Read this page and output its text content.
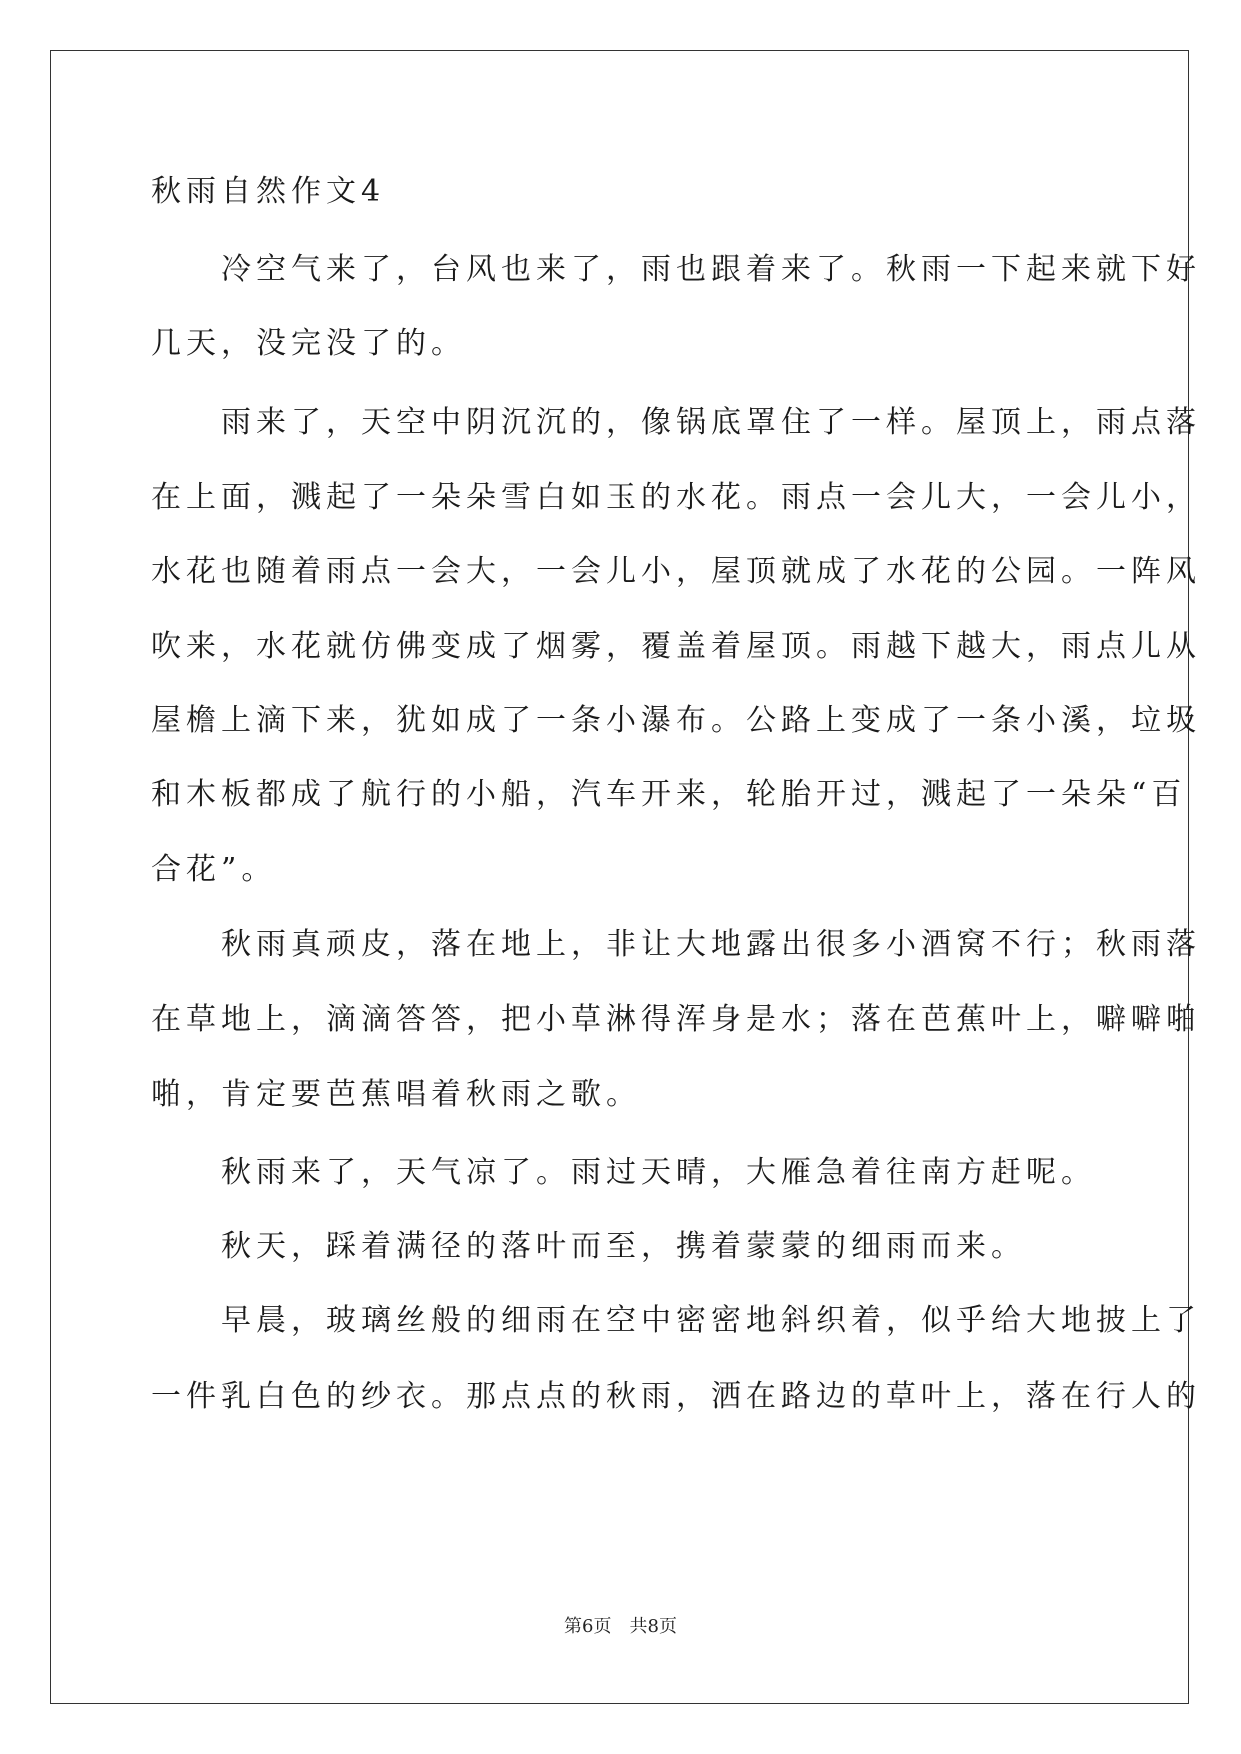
秋雨自然作文4
　　冷空气来了，台风也来了，雨也跟着来了。秋雨一下起来就下好
几天，没完没了的。
　　雨来了，天空中阴沉沉的，像锅底罩住了一样。屋顶上，雨点落
在上面，溅起了一朵朵雪白如玉的水花。雨点一会儿大，一会儿小，
水花也随着雨点一会大，一会儿小，屋顶就成了水花的公园。一阵风
吹来，水花就仿佛变成了烟雾，覆盖着屋顶。雨越下越大，雨点儿从
屋檐上滴下来，犹如成了一条小瀑布。公路上变成了一条小溪，垃圾
和木板都成了航行的小船，汽车开来，轮胎开过，溅起了一朵朵“百
合花”。
　　秋雨真顽皮，落在地上，非让大地露出很多小酒窝不行；秋雨落
在草地上，滴滴答答，把小草淋得浑身是水；落在芭蕉叶上，噼噼啪
啪，肯定要芭蕉唱着秋雨之歌。
　　秋雨来了，天气凉了。雨过天晴，大雁急着往南方赶呢。
　　秋天，踩着满径的落叶而至，携着蒙蒙的细雨而来。
　　早晨，玻璃丝般的细雨在空中密密地斜织着，似乎给大地披上了
一件乳白色的纱衣。那点点的秋雨，洒在路边的草叶上，落在行人的
第6页　共8页
